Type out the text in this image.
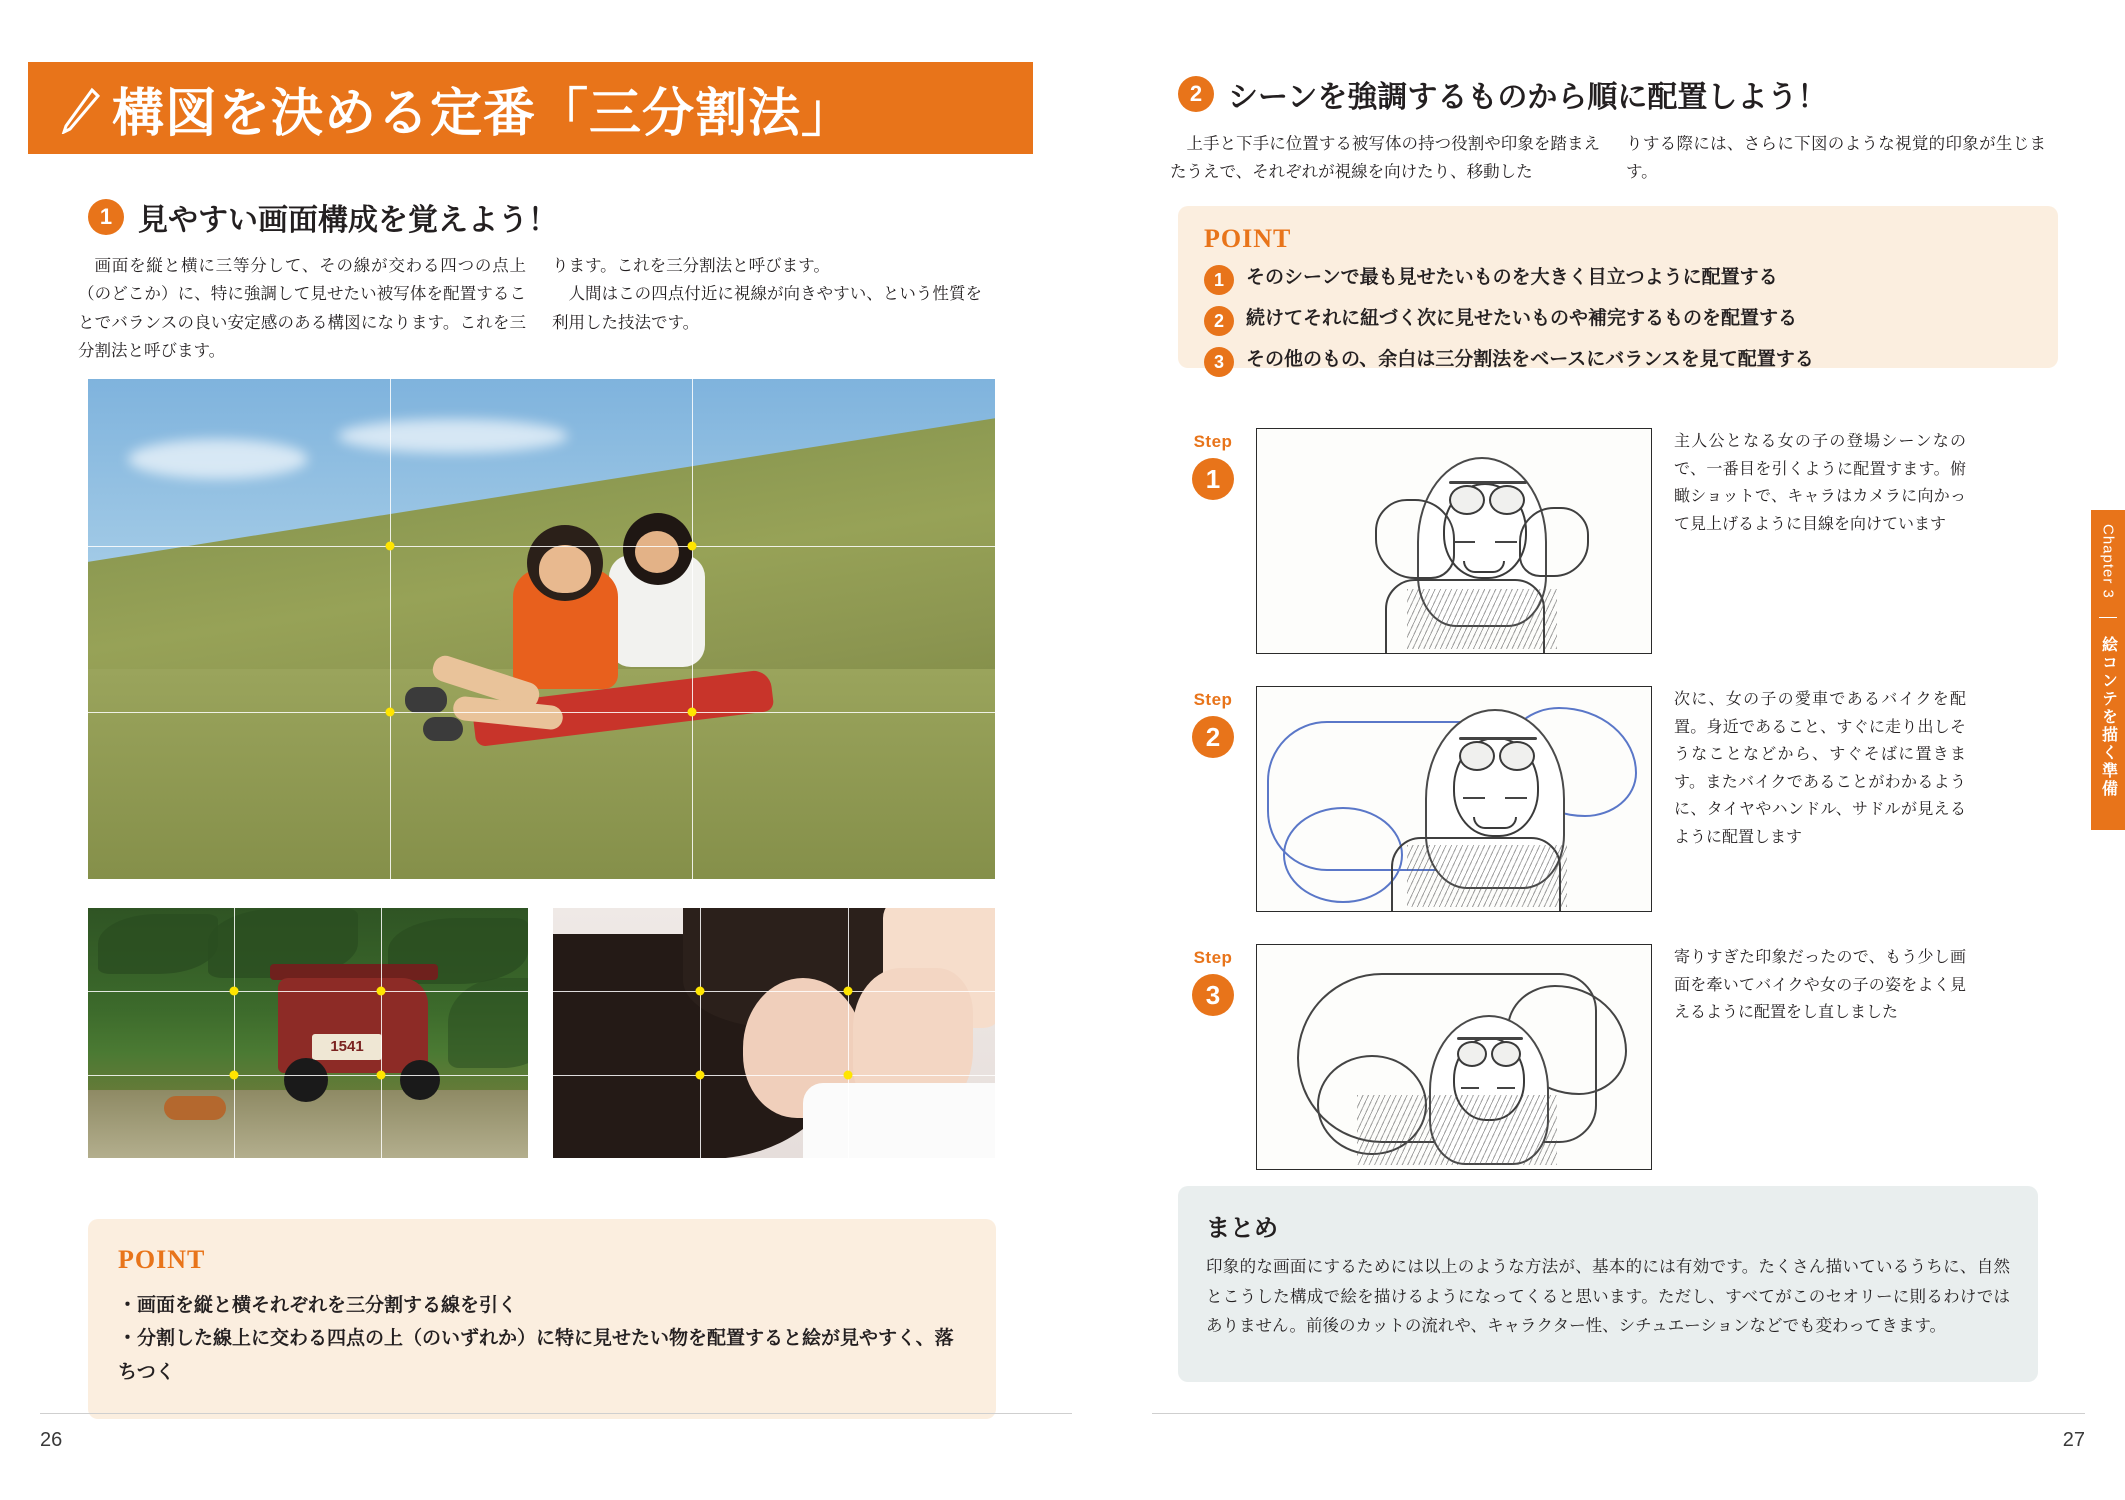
構図を決める定番「三分割法」
1 見やすい画面構成を覚えよう！
画面を縦と横に三等分して、その線が交わる四つの点上（のどこか）に、特に強調して見せたい被写体を配置することでバランスの良い安定感のある構図になります。これを三分割法と呼びます。
ります。これを三分割法と呼びます。
人間はこの四点付近に視線が向きやすい、という性質を利用した技法です。
1541
POINT
・画面を縦と横それぞれを三分割する線を引く
・分割した線上に交わる四点の上（のいずれか）に特に見せたい物を配置すると絵が見やすく、落ちつく
26
2 シーンを強調するものから順に配置しよう！
上手と下手に位置する被写体の持つ役割や印象を踏まえたうえで、それぞれが視線を向けたり、移動した
りする際には、さらに下図のような視覚的印象が生じます。
POINT
1	そのシーンで最も見せたいものを大きく目立つように配置する
2	続けてそれに紐づく次に見せたいものや補完するものを配置する
3	その他のもの、余白は三分割法をベースにバランスを見て配置する
Step
1
主人公となる女の子の登場シーンなので、一番目を引くように配置すます。俯瞰ショットで、キャラはカメラに向かって見上げるように目線を向けています
Step
2
次に、女の子の愛車であるバイクを配置。身近であること、すぐに走り出しそうなことなどから、すぐそばに置きます。またバイクであることがわかるように、タイヤやハンドル、サドルが見えるように配置します
Step
3
寄りすぎた印象だったので、もう少し画面を牽いてバイクや女の子の姿をよく見えるように配置をし直しました
まとめ
印象的な画面にするためには以上のような方法が、基本的には有効です。たくさん描いているうちに、自然とこうした構成で絵を描けるようになってくると思います。ただし、すべてがこのセオリーに則るわけではありません。前後のカットの流れや、キャラクター性、シチュエーションなどでも変わってきます。
Chapter 3
絵コンテを描く準備
27
